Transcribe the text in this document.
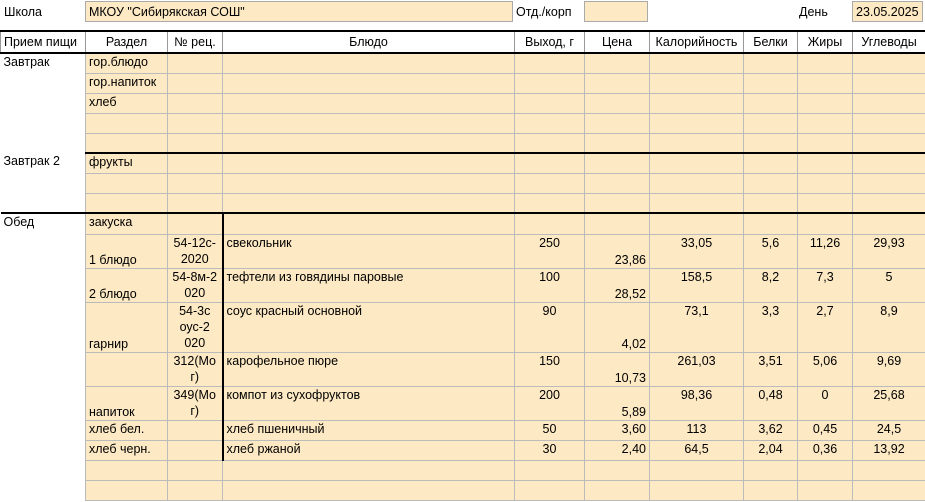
Школа	МКОУ "Сибирякская СОШ"	Отд./корп	День	23.05.2025
Прием пищи	Раздел	№ рец.	Блюдо	Выход, г	Цена	Калорийность	Белки	Жиры	Углеводы
Завтрак	гор.блюдо								
	гор.напиток								
	хлеб								

Завтрак 2	фрукты								

Обед	закуска								
	1 блюдо	54-12с-2020	свекольник	250	23,86	33,05	5,6	11,26	29,93
	2 блюдо	54-8м-2020	тефтели из говядины паровые	100	28,52	158,5	8,2	7,3	5
	гарнир	54-3соус-2020	соус красный основной	90	4,02	73,1	3,3	2,7	8,9
		312(Мог)	карофельное пюре	150	10,73	261,03	3,51	5,06	9,69
	напиток	349(Мог)	компот из сухофруктов	200	5,89	98,36	0,48	0	25,68
	хлеб бел.		хлеб пшеничный	50	3,60	113	3,62	0,45	24,5
	хлеб черн.		хлеб ржаной	30	2,40	64,5	2,04	0,36	13,92
